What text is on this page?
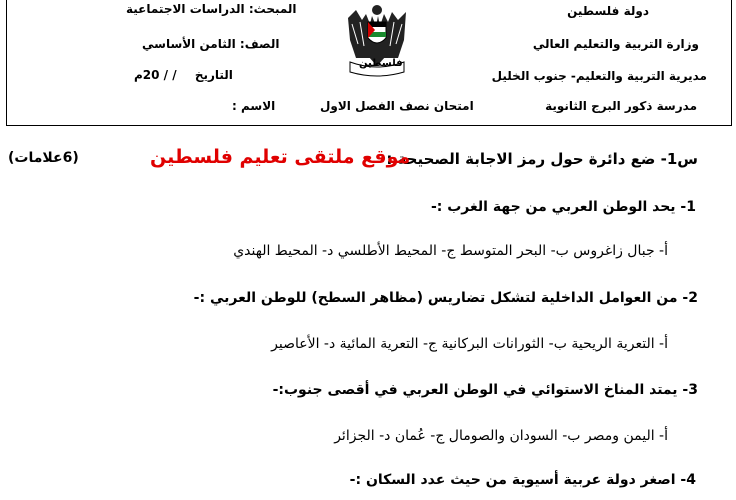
دولة فلسطين
وزارة التربية والتعليم العالي
مديرية التربية والتعليم- جنوب الخليل
مدرسة ذكور البرج الثانوية
امتحان نصف الفصل الاول
المبحث: الدراسات الاجتماعية
الصف: الثامن الأساسي
التاريخ / / 20م
الاسم :
فلسطين
س1- ضع دائرة حول رمز الاجابة الصحيحة :
موقع ملتقى تعليم فلسطين
(6علامات)
1- يحد الوطن العربي من جهة الغرب :-
أ- جبال زاغروس ب- البحر المتوسط ج- المحيط الأطلسي د- المحيط الهندي
2- من العوامل الداخلية لتشكل تضاريس (مظاهر السطح) للوطن العربي :-
أ- التعرية الريحية ب- الثورانات البركانية ج- التعرية المائية د- الأعاصير
3- يمتد المناخ الاستوائي في الوطن العربي في أقصى جنوب:-
أ- اليمن ومصر ب- السودان والصومال ج- عُمان د- الجزائر
4- اصغر دولة عربية أسيوية من حيث عدد السكان :-
